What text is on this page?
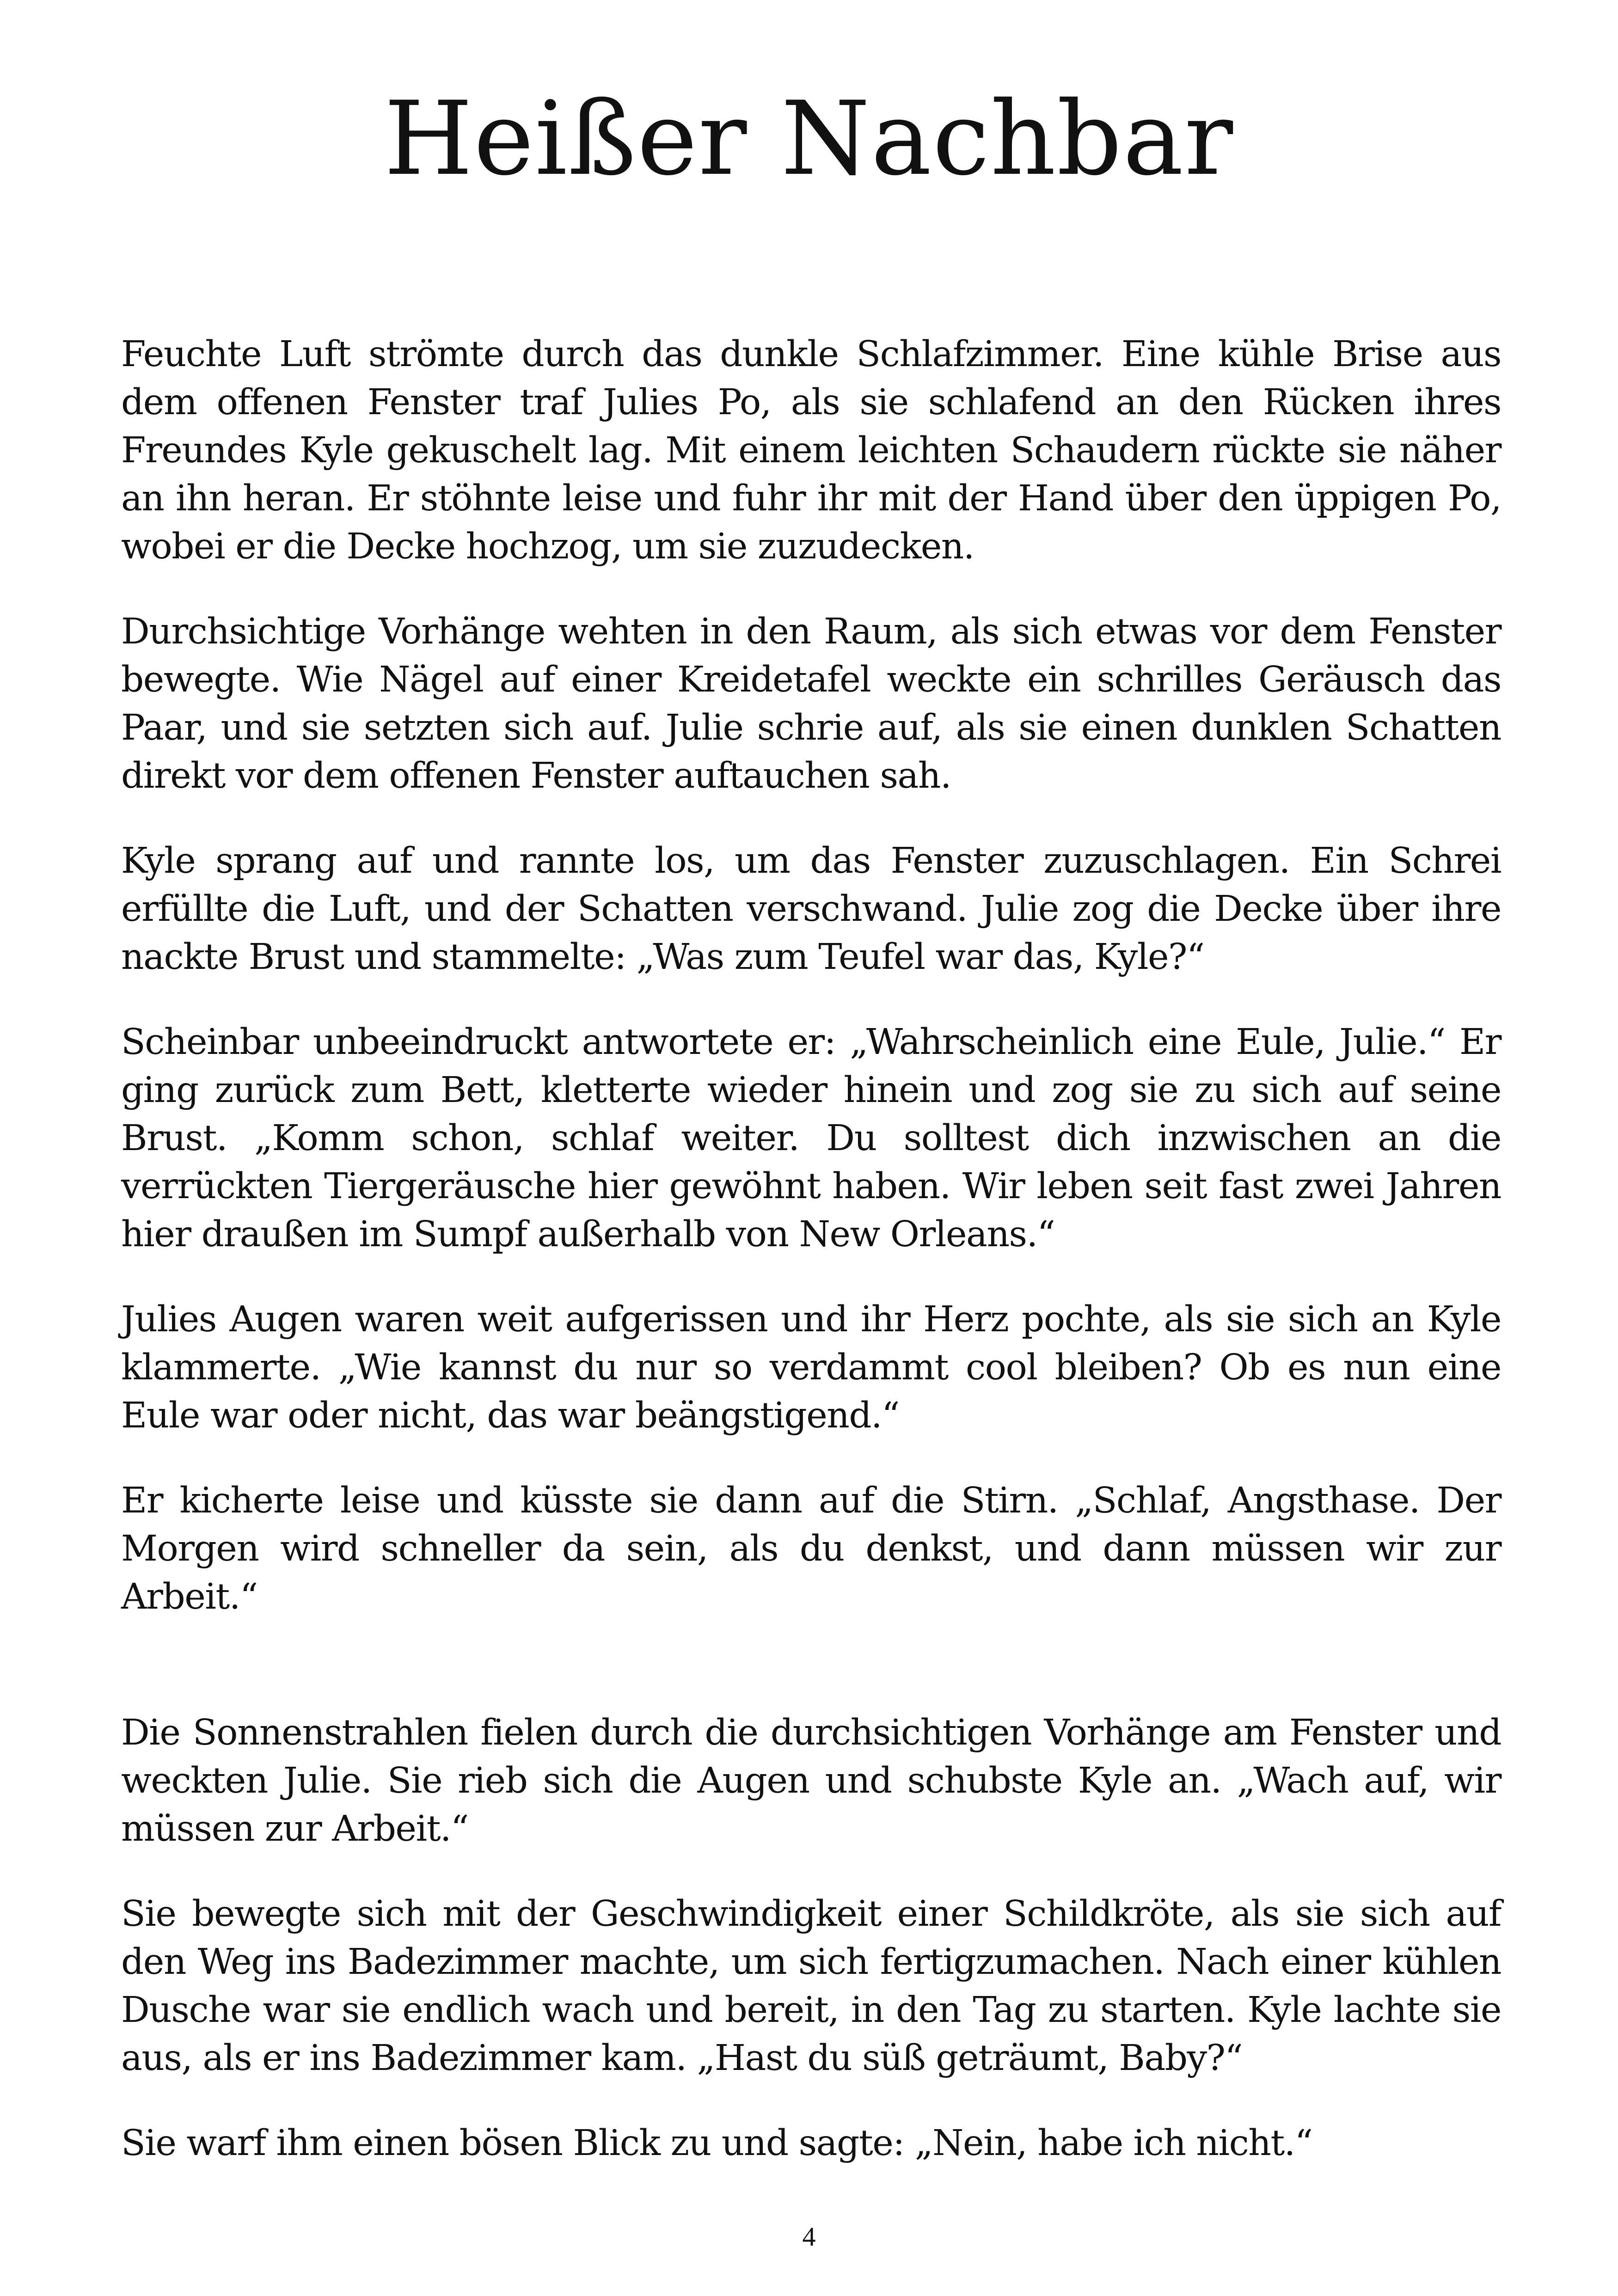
Heißer Nachbar

Feuchte Luft strömte durch das dunkle Schlafzimmer. Eine kühle Brise aus dem offenen Fenster traf Julies Po, als sie schlafend an den Rücken ihres Freundes Kyle gekuschelt lag. Mit einem leichten Schaudern rückte sie näher an ihn heran. Er stöhnte leise und fuhr ihr mit der Hand über den üppigen Po, wobei er die Decke hochzog, um sie zuzudecken.

Durchsichtige Vorhänge wehten in den Raum, als sich etwas vor dem Fenster bewegte. Wie Nägel auf einer Kreidetafel weckte ein schrilles Geräusch das Paar, und sie setzten sich auf. Julie schrie auf, als sie einen dunklen Schatten direkt vor dem offenen Fenster auftauchen sah.

Kyle sprang auf und rannte los, um das Fenster zuzuschlagen. Ein Schrei erfüllte die Luft, und der Schatten verschwand. Julie zog die Decke über ihre nackte Brust und stammelte: „Was zum Teufel war das, Kyle?“

Scheinbar unbeeindruckt antwortete er: „Wahrscheinlich eine Eule, Julie.“ Er ging zurück zum Bett, kletterte wieder hinein und zog sie zu sich auf seine Brust. „Komm schon, schlaf weiter. Du solltest dich inzwischen an die verrückten Tiergeräusche hier gewöhnt haben. Wir leben seit fast zwei Jahren hier draußen im Sumpf außerhalb von New Orleans.“

Julies Augen waren weit aufgerissen und ihr Herz pochte, als sie sich an Kyle klammerte. „Wie kannst du nur so verdammt cool bleiben? Ob es nun eine Eule war oder nicht, das war beängstigend.“

Er kicherte leise und küsste sie dann auf die Stirn. „Schlaf, Angsthase. Der Morgen wird schneller da sein, als du denkst, und dann müssen wir zur Arbeit.“

Die Sonnenstrahlen fielen durch die durchsichtigen Vorhänge am Fenster und weckten Julie. Sie rieb sich die Augen und schubste Kyle an. „Wach auf, wir müssen zur Arbeit.“

Sie bewegte sich mit der Geschwindigkeit einer Schildkröte, als sie sich auf den Weg ins Badezimmer machte, um sich fertigzumachen. Nach einer kühlen Dusche war sie endlich wach und bereit, in den Tag zu starten. Kyle lachte sie aus, als er ins Badezimmer kam. „Hast du süß geträumt, Baby?“

Sie warf ihm einen bösen Blick zu und sagte: „Nein, habe ich nicht.“

4
